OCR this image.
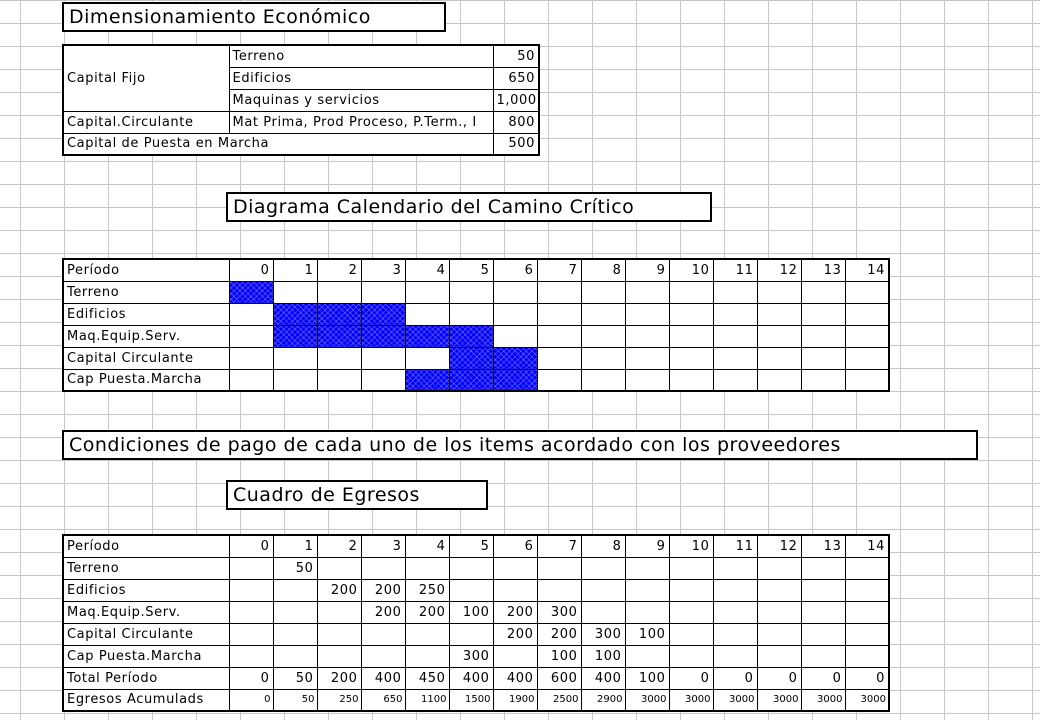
Dimensionamiento Económico
Capital Fijo	Terreno	50
	Edificios	650
	Maquinas y servicios	1,000
Capital.Circulante	Mat Prima, Prod Proceso, P.Term., I	800
Capital de Puesta en Marcha		500
Diagrama Calendario del Camino Crítico
Período	0	1	2	3	4	5	6	7	8	9	10	11	12	13	14
Terreno															
Edificios															
Maq.Equip.Serv.															
Capital Circulante															
Cap Puesta.Marcha															
Condiciones de pago de cada uno de los items acordado con los proveedores
Cuadro de Egresos
Período	0	1	2	3	4	5	6	7	8	9	10	11	12	13	14
Terreno		50													
Edificios			200	200	250										
Maq.Equip.Serv.				200	200	100	200	300							
Capital Circulante							200	200	300	100					
Cap Puesta.Marcha						300		100	100						
Total Período	0	50	200	400	450	400	400	600	400	100	0	0	0	0	0
Egresos Acumulads	0	50	250	650	1100	1500	1900	2500	2900	3000	3000	3000	3000	3000	3000
